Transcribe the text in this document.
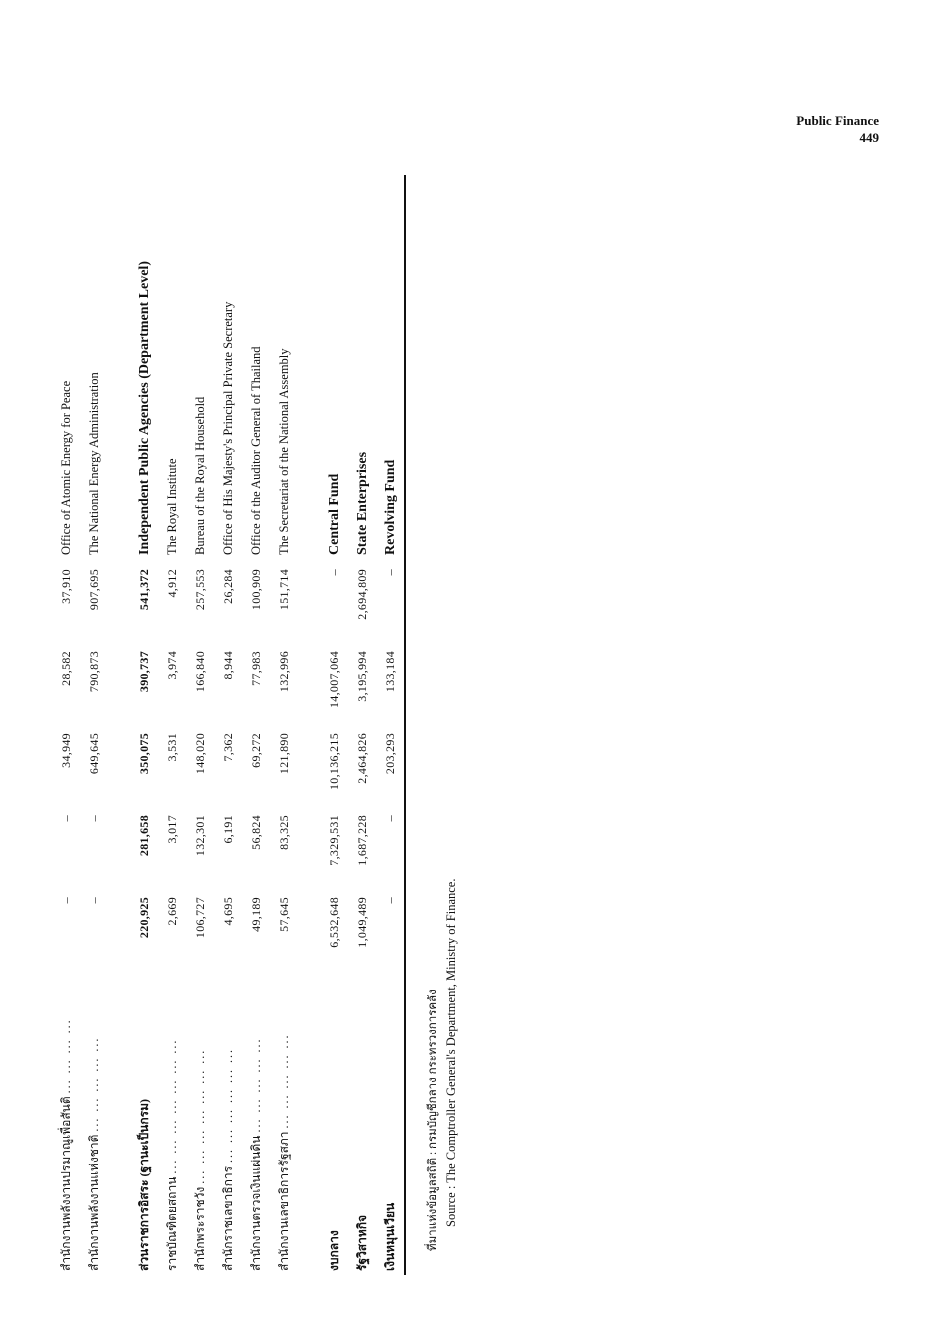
Public Finance
449
สำนักงานพลังงานปรมาณูเพื่อสันติ ... ... ... ...	–	–	34,949	28,582	37,910	Office of Atomic Energy for Peace
สำนักงานพลังงานแห่งชาติ ... ... ... ... ...	–	–	649,645	790,873	907,695	The National Energy Administration

ส่วนราชการอิสระ (ฐานะเป็นกรม)	220,925	281,658	350,075	390,737	541,372	Independent Public Agencies (Department Level)
ราชบัณฑิตยสถาน ... ... ... ... ... ... ...	2,669	3,017	3,531	3,974	4,912	The Royal Institute
สำนักพระราชวัง ... ... ... ... ... ... ...	106,727	132,301	148,020	166,840	257,553	Bureau of the Royal Household
สำนักราชเลขาธิการ ... ... ... ... ... ...	4,695	6,191	7,362	8,944	26,284	Office of His Majesty's Principal Private Secretary
สำนักงานตรวจเงินแผ่นดิน ... ... ... ... ...	49,189	56,824	69,272	77,983	100,909	Office of the Auditor General of Thailand
สำนักงานเลขาธิการรัฐสภา ... ... ... ... ...	57,645	83,325	121,890	132,996	151,714	The Secretariat of the National Assembly

งบกลาง	6,532,648	7,329,531	10,136,215	14,007,064	–	Central Fund
รัฐวิสาหกิจ	1,049,489	1,687,228	2,464,826	3,195,994	2,694,809	State Enterprises
เงินหมุนเวียน	–	–	203,293	133,184	–	Revolving Fund

ที่มาแห่งข้อมูลสถิติ : กรมบัญชีกลาง กระทรวงการคลัง Source : The Comptroller General's Department, Ministry of Finance.
